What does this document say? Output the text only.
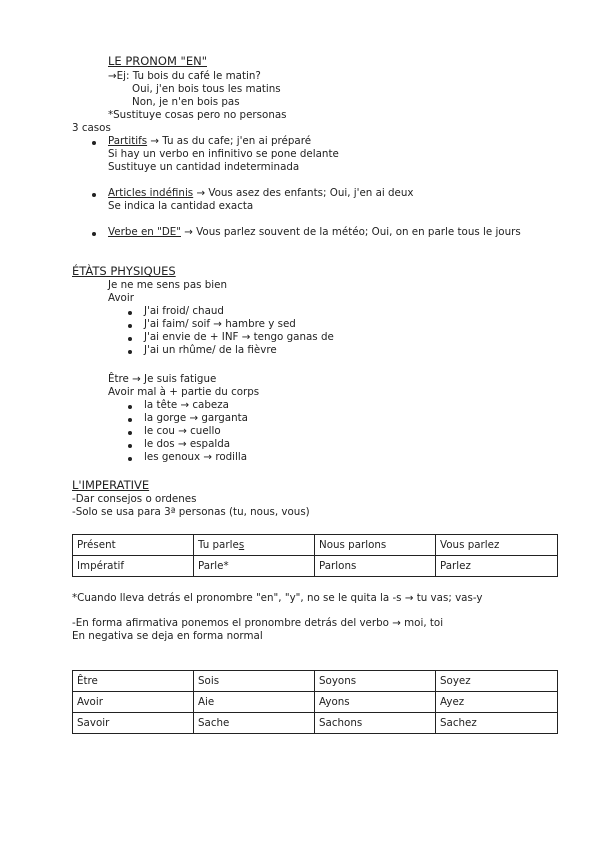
LE PRONOM "EN"
→Ej: Tu bois du café le matin?
Oui, j'en bois tous les matins
Non, je n'en bois pas
*Sustituye cosas pero no personas
3 casos
Partitifs → Tu as du cafe; j'en ai préparé
Si hay un verbo en infinitivo se pone delante
Sustituye un cantidad indeterminada
Articles indéfinis → Vous asez des enfants; Oui, j'en ai deux
Se indica la cantidad exacta
Verbe en "DE" → Vous parlez souvent de la météo; Oui, on en parle tous le jours
ÉTÀTS PHYSIQUES
Je ne me sens pas bien
Avoir
J'ai froid/ chaud
J'ai faim/ soif → hambre y sed
J'ai envie de + INF → tengo ganas de
J'ai un rhûme/ de la fièvre
Être → Je suis fatigue
Avoir mal à + partie du corps
la tête → cabeza
la gorge → garganta
le cou → cuello
le dos → espalda
les genoux → rodilla
L'IMPERATIVE
-Dar consejos o ordenes
-Solo se usa para 3ª personas (tu, nous, vous)
Présent	Tu parles	Nous parlons	Vous parlez
Impératif	Parle*	Parlons	Parlez
*Cuando lleva detrás el pronombre "en", "y", no se le quita la -s → tu vas; vas-y
-En forma afirmativa ponemos el pronombre detrás del verbo → moi, toi
En negativa se deja en forma normal
Être	Sois	Soyons	Soyez
Avoir	Aie	Ayons	Ayez
Savoir	Sache	Sachons	Sachez
